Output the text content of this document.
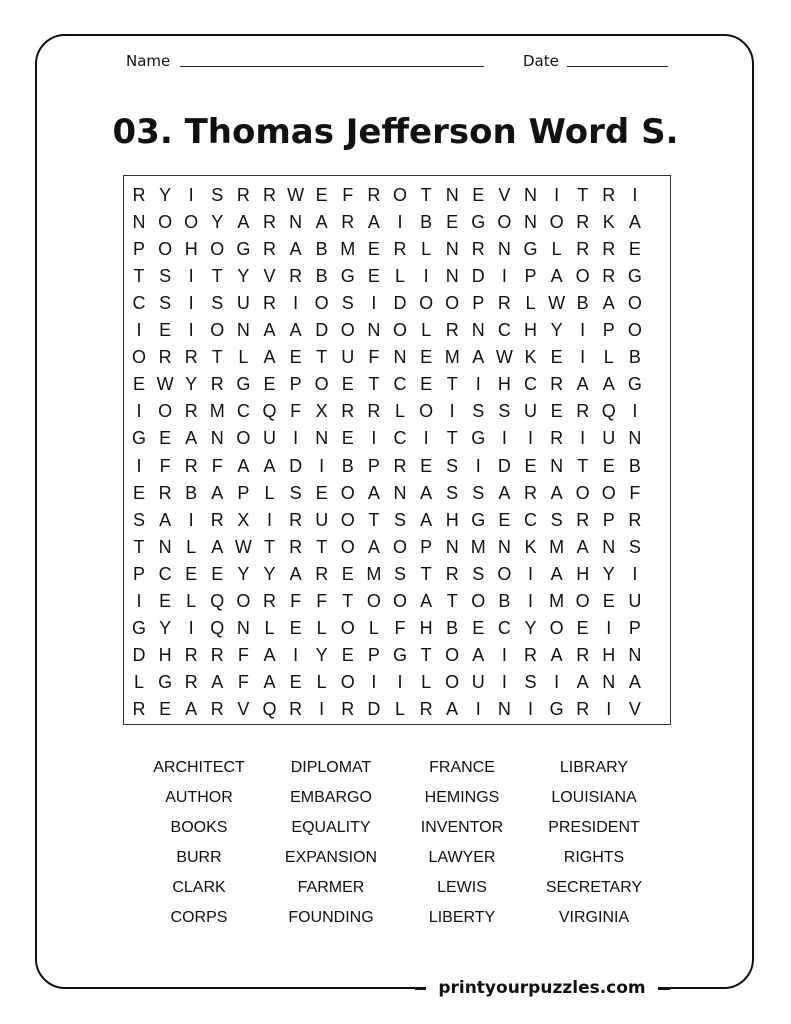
Name	Date
03. Thomas Jefferson Word S.
R Y I S R R W E F R O T N E V N I	T R I
N O O Y A R N A R A I B E G O N O R K A
P O H O G R A B M E R L N R N G L R R E
T S I	T Y V R B G E L	I N D I P A O R G
C S I S U R I O S I D O O P R L W B A O
I E I O N A A D O N O L R N C H Y I P O
O R R T L A E T U F N E M A W K E I	L B
E W Y R G E P O E T C E T	I H C R A A G
I O R M C Q F X R R L O I S S U E R Q I
G E A N O U I N E I C I	T G I	I R I U N
I	F R F A A D I B P R E S I D E N T E B
E R B A P L S E O A N A S S A R A O O F
S A I R X I R U O T S A H G E C S R P R
T N L A W T R T O A O P N M N K M A N S
P C E E Y Y A R E M S T R S O I A H Y I
I E L Q O R F F T O O A T O B I M O E U
G Y I Q N L E L O L F H B E C Y O E I P
D H R R F A I Y E P G T O A I R A R H N
L G R A F A E L O I	I	L O U I S I A N A
R E A R V Q R I R D L R A I N I G R I V
ARCHITECT	DIPLOMAT	FRANCE	LIBRARY
AUTHOR	EMBARGO	HEMINGS	LOUISIANA
BOOKS	EQUALITY	INVENTOR	PRESIDENT
BURR	EXPANSION	LAWYER	RIGHTS
CLARK	FARMER	LEWIS	SECRETARY
CORPS	FOUNDING	LIBERTY	VIRGINIA
printyourpuzzles.com
